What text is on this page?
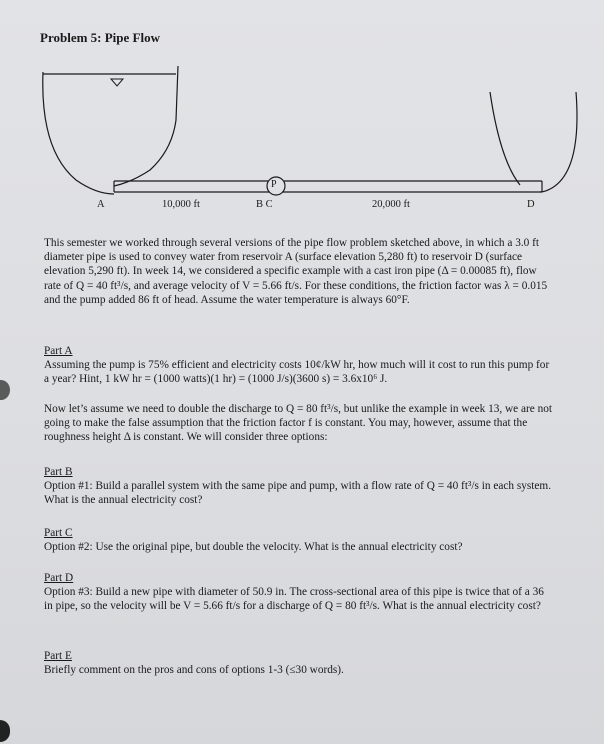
Problem 5: Pipe Flow
P
A	10,000 ft	B C	20,000 ft	D

This semester we worked through several versions of the pipe flow problem sketched above, in which a 3.0 ft diameter pipe is used to convey water from reservoir A (surface elevation 5,280 ft) to reservoir D (surface elevation 5,290 ft). In week 14, we considered a specific example with a cast iron pipe (Δ = 0.00085 ft), flow rate of Q = 40 ft³/s, and average velocity of V = 5.66 ft/s. For these conditions, the friction factor was λ = 0.015 and the pump added 86 ft of head. Assume the water temperature is always 60°F.

Part A

Assuming the pump is 75% efficient and electricity costs 10¢/kW hr, how much will it cost to run this pump for a year? Hint, 1 kW hr = (1000 watts)(1 hr) = (1000 J/s)(3600 s) = 3.6x10⁶ J.

Now let’s assume we need to double the discharge to Q = 80 ft³/s, but unlike the example in week 13, we are not going to make the false assumption that the friction factor f is constant. You may, however, assume that the roughness height Δ is constant. We will consider three options:

Part B

Option #1: Build a parallel system with the same pipe and pump, with a flow rate of Q = 40 ft³/s in each system. What is the annual electricity cost?

Part C

Option #2: Use the original pipe, but double the velocity. What is the annual electricity cost?

Part D

Option #3: Build a new pipe with diameter of 50.9 in. The cross-sectional area of this pipe is twice that of a 36 in pipe, so the velocity will be V = 5.66 ft/s for a discharge of Q = 80 ft³/s. What is the annual electricity cost?

Part E

Briefly comment on the pros and cons of options 1-3 (≤30 words).
